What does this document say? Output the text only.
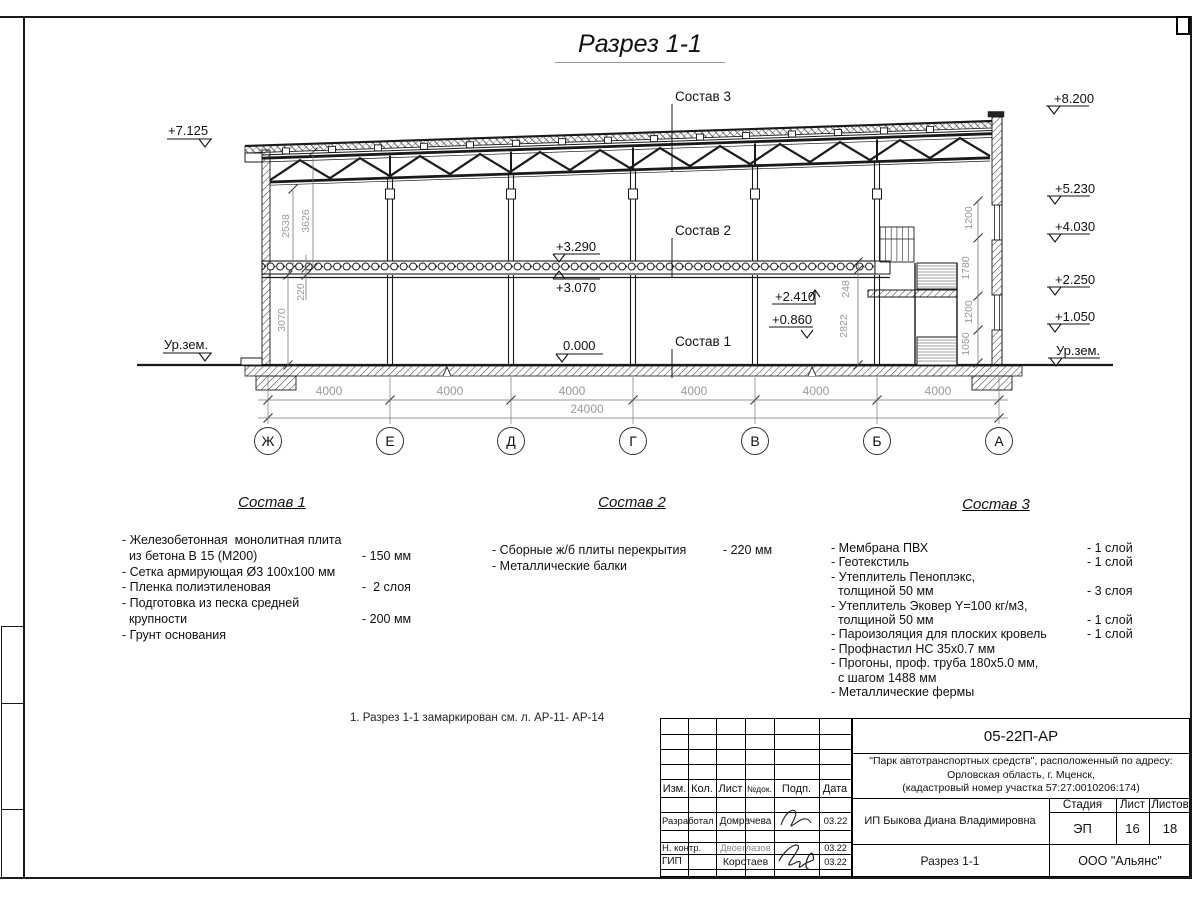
Разрез 1-1
Состав 3
Состав 2
Состав 1
+7.125
Ур.зем.
+8.200
+5.230
+4.030
+2.250
+1.050
Ур.зем.
+3.290
+3.070
0.000
+2.410
+0.860
4000	4000	4000	4000	4000	4000
24000
2538 3626
220
3070
248
2822
1200
1780
1200
1050
Ж	Е	Д	Г	В	Б	А
Состав 1
- Железобетонная  монолитная плита
из бетона В 15 (М200)	- 150 мм
- Сетка армирующая Ø3 100х100 мм
- Пленка полиэтиленовая	-  2 слоя
- Подготовка из песка средней
крупности	- 200 мм
- Грунт основания
Состав 2
- Сборные ж/б плиты перекрытия	- 220 мм
- Металлические балки
Состав 3
- Мембрана ПВХ	- 1 слой
- Геотекстиль	- 1 слой
- Утеплитель Пеноплэкс,
толщиной 50 мм	- 3 слоя
- Утеплитель Эковер Y=100 кг/м3,
толщиной 50 мм	- 1 слой
- Пароизоляция для плоских кровель	- 1 слой
- Профнастил НС 35х0.7 мм
- Прогоны, проф. труба 180х5.0 мм,
с шагом 1488 мм
- Металлические фермы
1. Разрез 1-1 замаркирован см. л. АР-11- АР-14
Изм. Кол. Лист №док. Подп.	Дата
Разработал Домрачева	03.22
Н. контр.	Двоеглазов	03.22
ГИП	Коротаев	03.22
05-22П-АР
"Парк автотранспортных средств", расположенный по адресу:
Орловская область, г. Мценск,
(кадастровый номер участка 57:27:0010206:174)
ИП Быкова Диана Владимировна
Стадия	Лист Листов
ЭП	16	18
Разрез 1-1	ООО "Альянс"
